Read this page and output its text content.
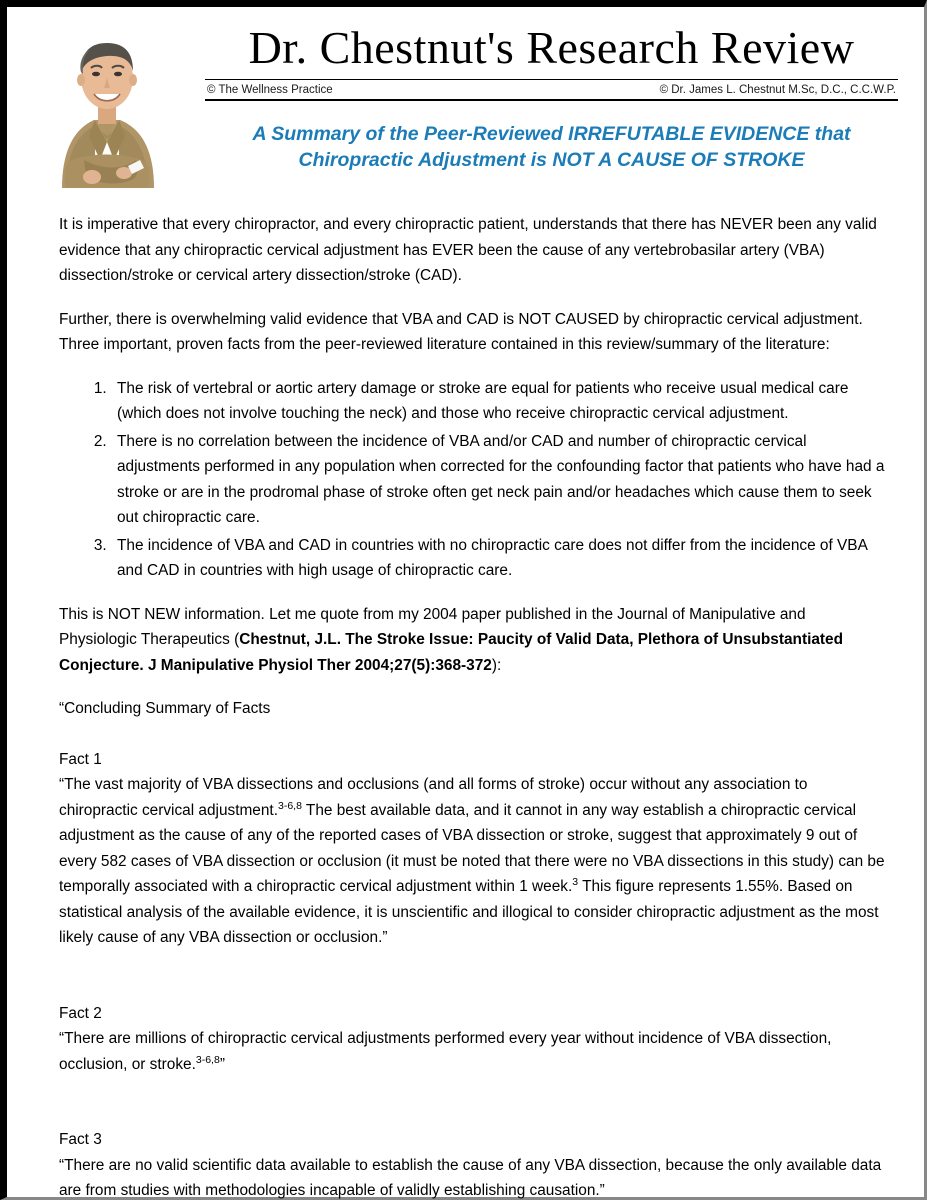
Dr. Chestnut's Research Review
© The Wellness Practice	© Dr. James L. Chestnut M.Sc, D.C., C.C.W.P.
A Summary of the Peer-Reviewed IRREFUTABLE EVIDENCE that
Chiropractic Adjustment is NOT A CAUSE OF STROKE

It is imperative that every chiropractor, and every chiropractic patient, understands that there has NEVER been any valid evidence that any chiropractic cervical adjustment has EVER been the cause of any vertebrobasilar artery (VBA) dissection/stroke or cervical artery dissection/stroke (CAD).

Further, there is overwhelming valid evidence that VBA and CAD is NOT CAUSED by chiropractic cervical adjustment. Three important, proven facts from the peer-reviewed literature contained in this review/summary of the literature:

1. The risk of vertebral or aortic artery damage or stroke are equal for patients who receive usual medical care (which does not involve touching the neck) and those who receive chiropractic cervical adjustment.
2. There is no correlation between the incidence of VBA and/or CAD and number of chiropractic cervical adjustments performed in any population when corrected for the confounding factor that patients who have had a stroke or are in the prodromal phase of stroke often get neck pain and/or headaches which cause them to seek out chiropractic care.
3. The incidence of VBA and CAD in countries with no chiropractic care does not differ from the incidence of VBA and CAD in countries with high usage of chiropractic care.

This is NOT NEW information. Let me quote from my 2004 paper published in the Journal of Manipulative and Physiologic Therapeutics (Chestnut, J.L. The Stroke Issue: Paucity of Valid Data, Plethora of Unsubstantiated Conjecture. J Manipulative Physiol Ther 2004;27(5):368-372):

“Concluding Summary of Facts

Fact 1

“The vast majority of VBA dissections and occlusions (and all forms of stroke) occur without any association to chiropractic cervical adjustment.$^{3-6,8}$ The best available data, and it cannot in any way establish a chiropractic cervical adjustment as the cause of any of the reported cases of VBA dissection or stroke, suggest that approximately 9 out of every 582 cases of VBA dissection or occlusion (it must be noted that there were no VBA dissections in this study) can be temporally associated with a chiropractic cervical adjustment within 1 week.$^3$ This figure represents 1.55%. Based on statistical analysis of the available evidence, it is unscientific and illogical to consider chiropractic adjustment as the most likely cause of any VBA dissection or occlusion.”

Fact 2

“There are millions of chiropractic cervical adjustments performed every year without incidence of VBA dissection, occlusion, or stroke.$^{3-6,8}$”

Fact 3

“There are no valid scientific data available to establish the cause of any VBA dissection, because the only available data are from studies with methodologies incapable of validly establishing causation.”
